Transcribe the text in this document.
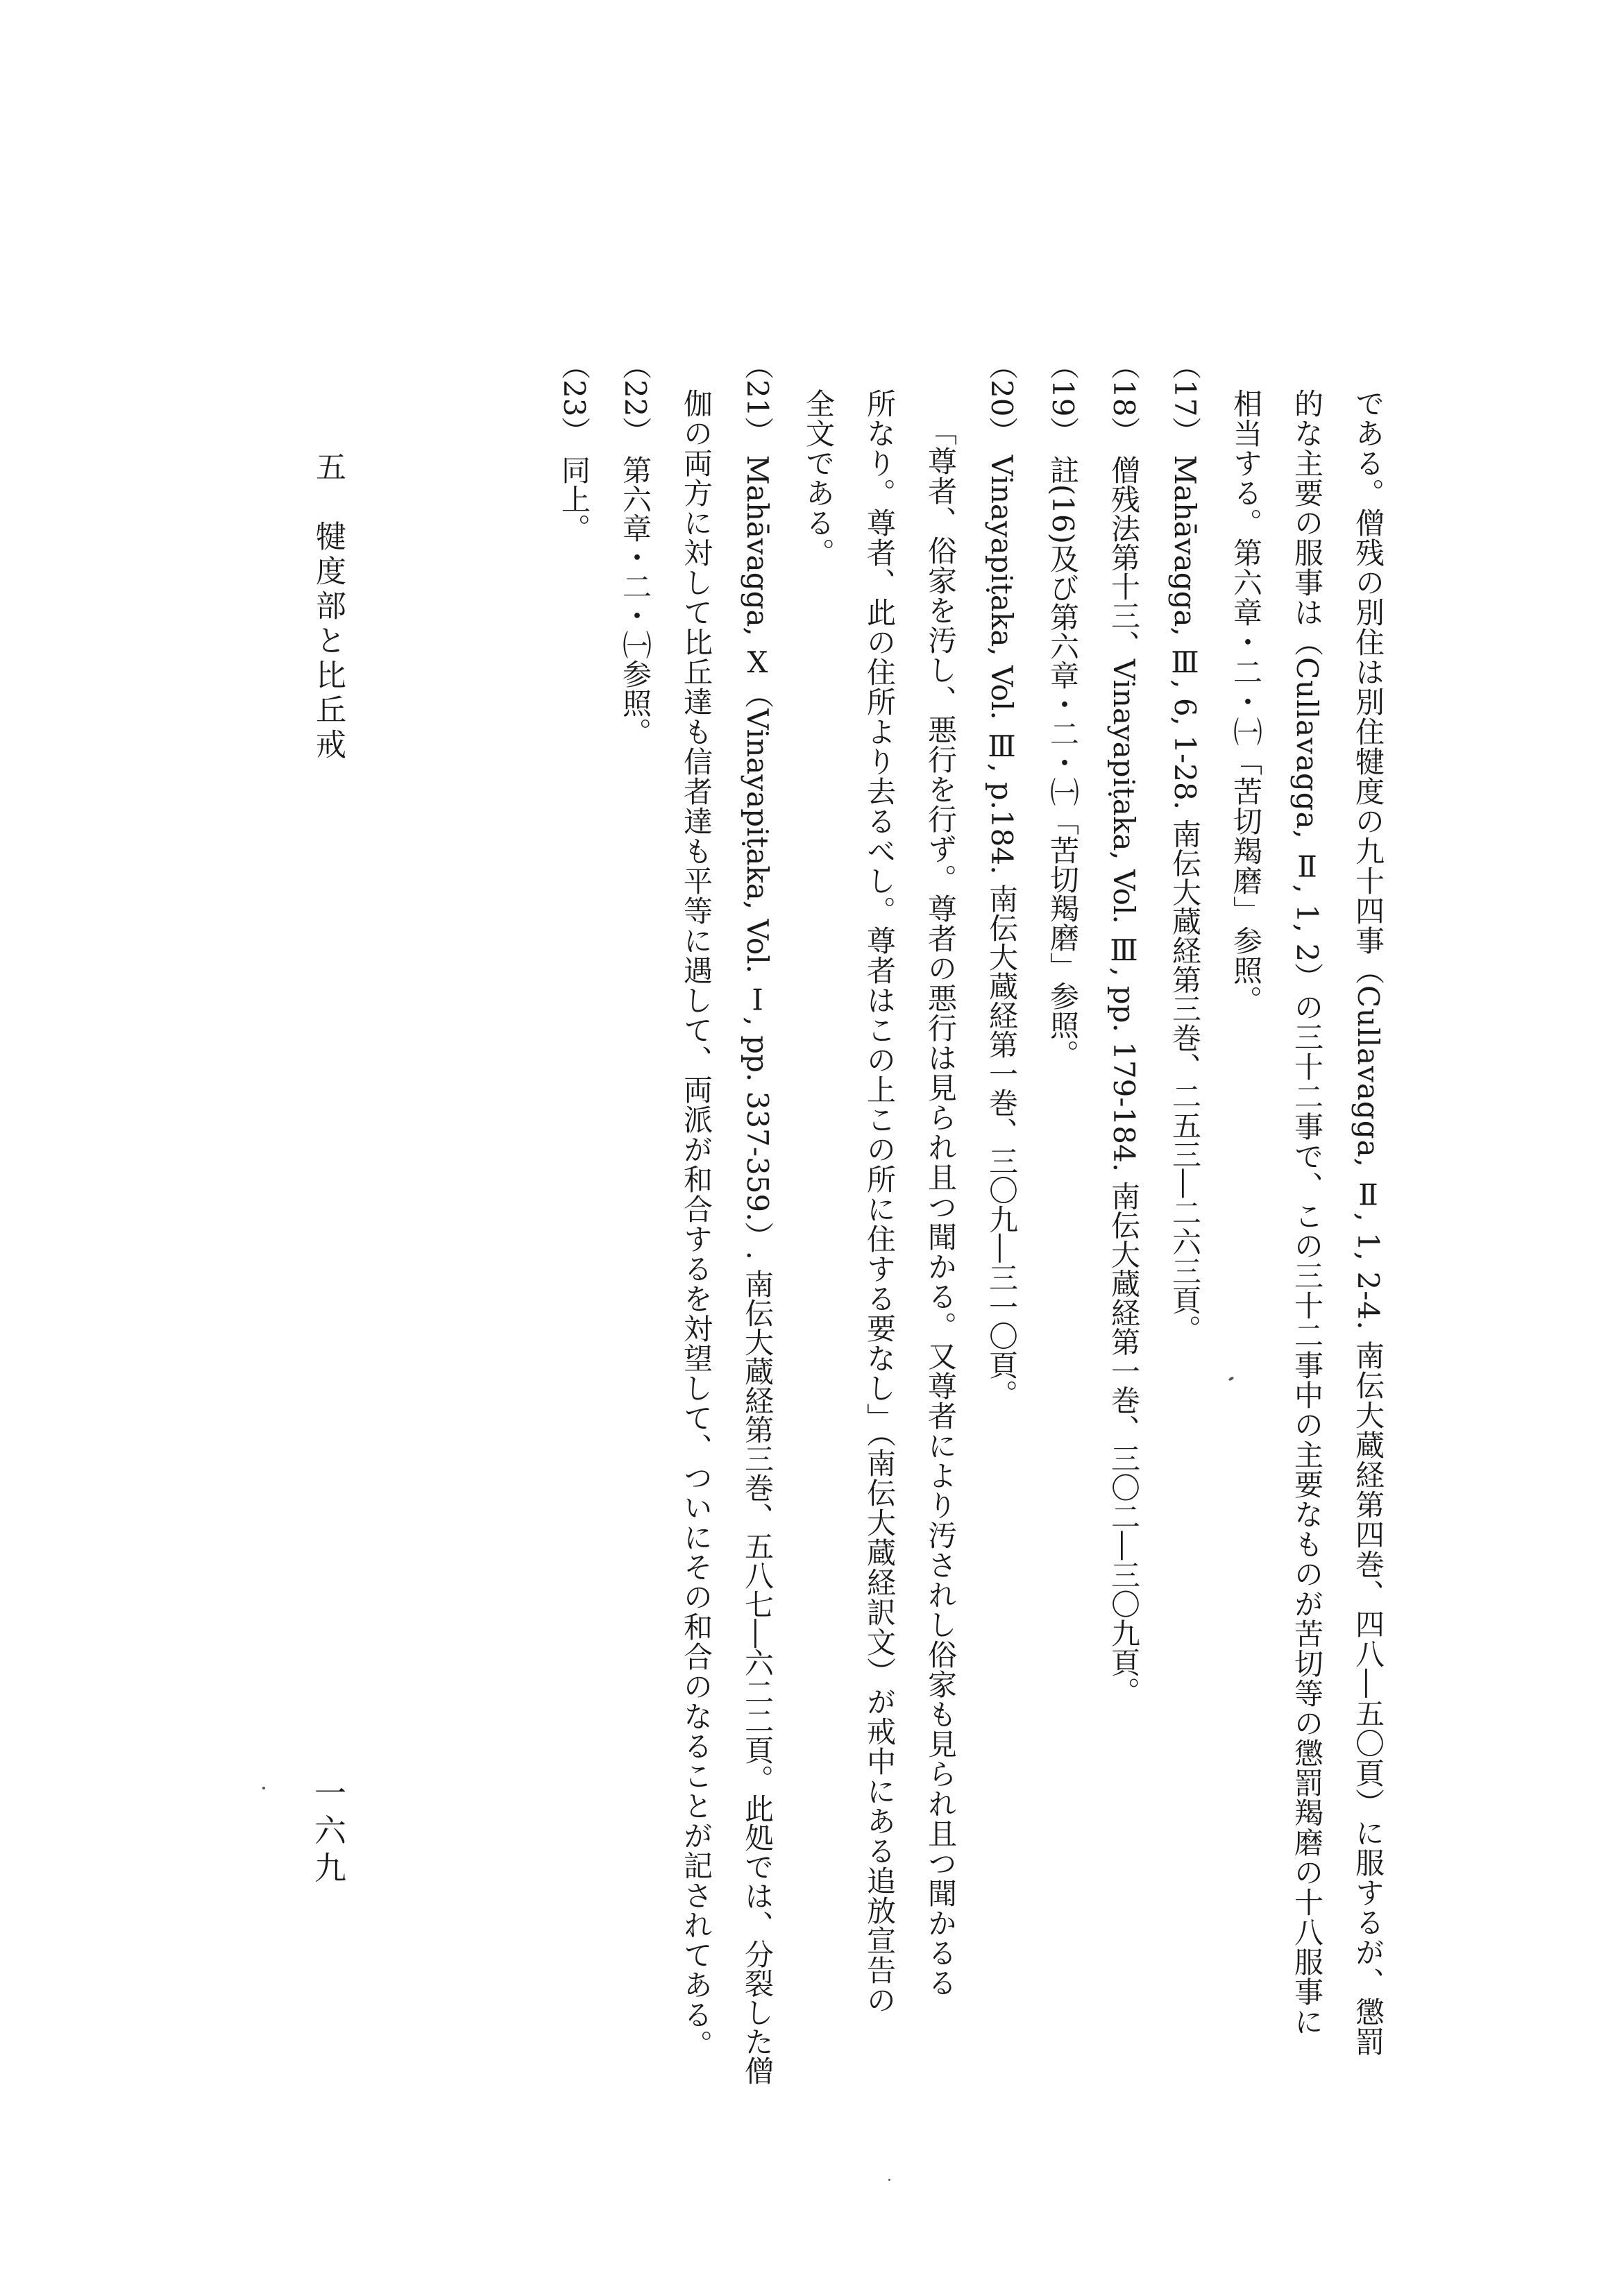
である。僧残の別住は別住犍度の九十四事（Cullavagga, Ⅱ, 1, 2-4. 南伝大蔵経第四巻、四八―五〇頁）に服するが、懲罰
的な主要の服事は（Cullavagga, Ⅱ, 1, 2）の三十二事で、この三十二事中の主要なものが苦切等の懲罰羯磨の十八服事に
相当する。第六章・二・㈠「苦切羯磨」参照。
（17） Mahāvagga, Ⅲ, 6, 1-28. 南伝大蔵経第三巻、二五三―二六三頁。
（18） 僧残法第十三、Vinayapiṭaka, Vol. Ⅲ, pp. 179-184. 南伝大蔵経第一巻、三〇二―三〇九頁。
（19） 註(16)及び第六章・二・㈠「苦切羯磨」参照。
（20） Vinayapiṭaka, Vol. Ⅲ, p.184. 南伝大蔵経第一巻、三〇九―三一〇頁。
「尊者、俗家を汚し、悪行を行ず。尊者の悪行は見られ且つ聞かる。又尊者により汚されし俗家も見られ且つ聞かるる
所なり。尊者、此の住所より去るべし。尊者はこの上この所に住する要なし」（南伝大蔵経訳文）が戒中にある追放宣告の
全文である。
（21） Mahāvagga, Ⅹ（Vinayapiṭaka, Vol. Ⅰ, pp. 337-359.）. 南伝大蔵経第三巻、五八七―六二二頁。此処では、分裂した僧
伽の両方に対して比丘達も信者達も平等に遇して、両派が和合するを対望して、ついにその和合のなることが記されてある。
（22） 第六章・二・㈠参照。
（23） 同上。
五　犍度部と比丘戒
一六九
